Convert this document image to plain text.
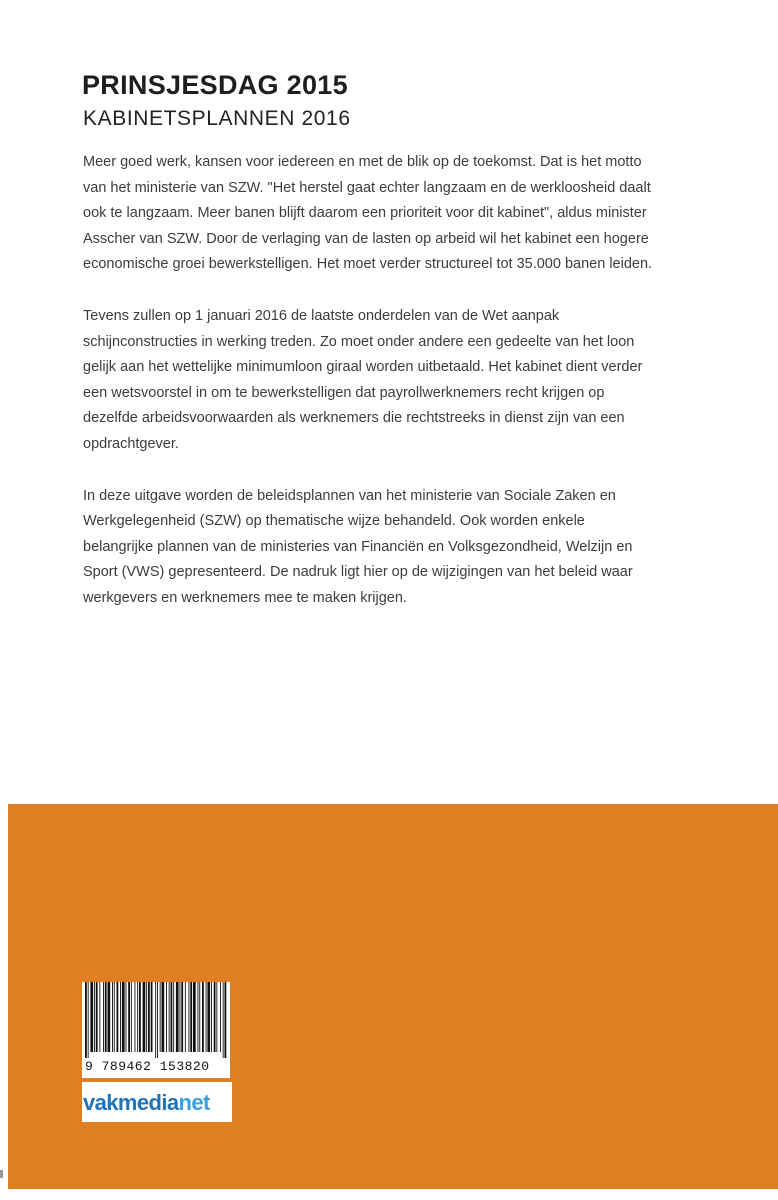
PRINSJESDAG 2015
KABINETSPLANNEN 2016

Meer goed werk, kansen voor iedereen en met de blik op de toekomst. Dat is het motto van het ministerie van SZW. "Het herstel gaat echter langzaam en de werkloosheid daalt ook te langzaam. Meer banen blijft daarom een prioriteit voor dit kabinet", aldus minister Asscher van SZW. Door de verlaging van de lasten op arbeid wil het kabinet een hogere economische groei bewerkstelligen. Het moet verder structureel tot 35.000 banen leiden.

Tevens zullen op 1 januari 2016 de laatste onderdelen van de Wet aanpak schijnconstructies in werking treden. Zo moet onder andere een gedeelte van het loon gelijk aan het wettelijke minimumloon giraal worden uitbetaald. Het kabinet dient verder een wetsvoorstel in om te bewerkstelligen dat payrollwerknemers recht krijgen op dezelfde arbeidsvoorwaarden als werknemers die rechtstreeks in dienst zijn van een opdrachtgever.

In deze uitgave worden de beleidsplannen van het ministerie van Sociale Zaken en Werkgelegenheid (SZW) op thematische wijze behandeld. Ook worden enkele belangrijke plannen van de ministeries van Financiën en Volksgezondheid, Welzijn en Sport (VWS) gepresenteerd. De nadruk ligt hier op de wijzigingen van het beleid waar werkgevers en werknemers mee te maken krijgen.

9 789462 153820
vakmedianet
